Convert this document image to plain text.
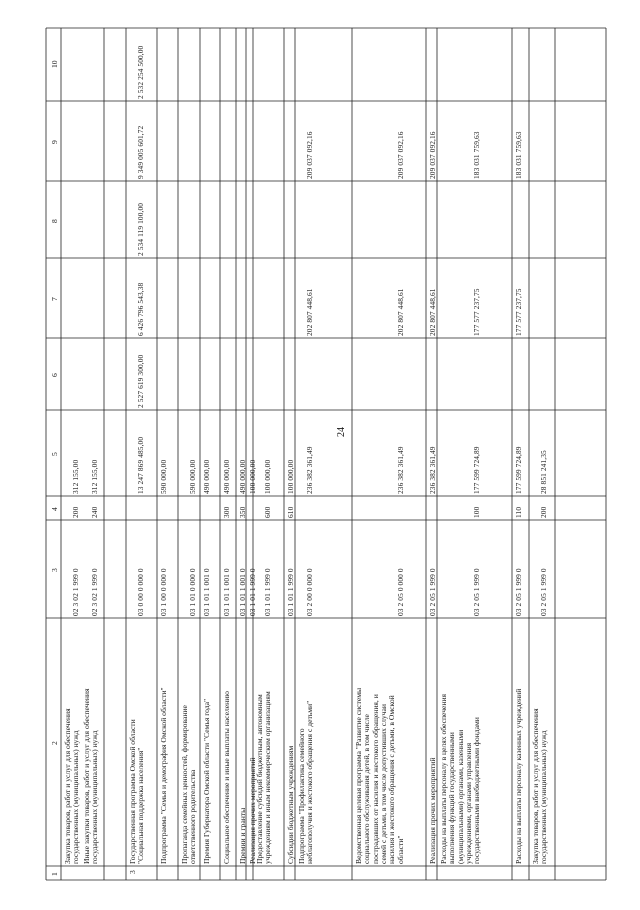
24
1
2
3
4
5
6
7
8
9
10
Закупка товаров, работ и услуг для обеспечения государственных (муниципальных) нужд
02 3 02 1 999 0
200
312 155,00
Иные закупки товаров, работ и услуг для обеспечения государственных (муниципальных) нужд
02 3 02 1 999 0
240
312 155,00
3
Государственная программа Омской области "Социальная поддержка населения"
03 0 00 0 000 0
13 247 869 485,00
2 527 619 300,00
6 426 796 543,38
2 534 119 100,00
9 349 005 601,72
2 532 254 500,00
Подпрограмма "Семья и демография Омской области"
03 1 00 0 000 0
590 000,00
Пропаганда семейных ценностей, формирование ответственного родительства
03 1 01 0 000 0
590 000,00
Премия Губернатора Омской области "Семья года"
03 1 01 1 001 0
490 000,00
Социальное обеспечение и иные выплаты населению
03 1 01 1 001 0
300
490 000,00
Премии и гранты
03 1 01 1 001 0
350
490 000,00
Реализация прочих мероприятий
03 1 01 1 999 0
100 000,00
Предоставление субсидий бюджетным, автономным учреждениям и иным некоммерческим организациям
03 1 01 1 999 0
600
100 000,00
Субсидии бюджетным учреждениям
03 1 01 1 999 0
610
100 000,00
Подпрограмма "Профилактика семейного неблагополучия и жестокого обращения с детьми"
03 2 00 0 000 0
236 382 361,49
202 807 448,61
209 037 092,16
Ведомственная целевая программа "Развитие системы социального обслуживания детей, в том числе пострадавших от насилия и жестокого обращения, и семей с детьми, в том числе допустивших случаи насилия и жестокого обращения с детьми, в Омской области"
03 2 05 0 000 0
236 382 361,49
202 807 448,61
209 037 092,16
Реализация прочих мероприятий
03 2 05 1 999 0
236 382 361,49
202 807 448,61
209 037 092,16
Расходы на выплаты персоналу в целях обеспечения выполнения функций государственными (муниципальными) органами, казенными учреждениями, органами управления государственными внебюджетными фондами
03 2 05 1 999 0
100
177 599 724,89
177 577 237,75
183 031 759,63
Расходы на выплаты персоналу казенных учреждений
03 2 05 1 999 0
110
177 599 724,89
177 577 237,75
183 031 759,63
Закупка товаров, работ и услуг для обеспечения государственных (муниципальных) нужд
03 2 05 1 999 0
200
28 851 241,35
